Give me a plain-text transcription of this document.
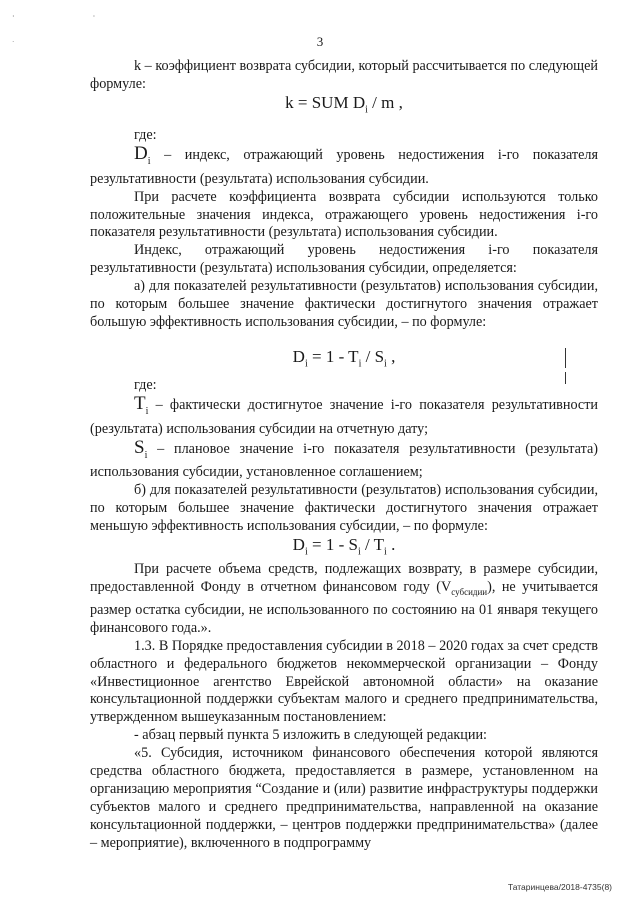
·    ·
·	3

k – коэффициент возврата субсидии, который рассчитывается по следующей формуле:

k = SUM $D_i$ / m ,

где:

$D_i$ – индекс, отражающий уровень недостижения i-го показателя результативности (результата) использования субсидии.

При расчете коэффициента возврата субсидии используются только положительные значения индекса, отражающего уровень недостижения i-го показателя результативности (результата) использования субсидии.

Индекс, отражающий уровень недостижения i-го показателя результативности (результата) использования субсидии, определяется:

а) для показателей результативности (результатов) использования субсидии, по которым большее значение фактически достигнутого значения отражает большую эффективность использования субсидии, – по формуле:

$D_i = 1 - T_i / S_i$ ,

где:

$T_i$ – фактически достигнутое значение i-го показателя результативности (результата) использования субсидии на отчетную дату;

$S_i$ – плановое значение i-го показателя результативности (результата) использования субсидии, установленное соглашением;

б) для показателей результативности (результатов) использования субсидии, по которым большее значение фактически достигнутого значения отражает меньшую эффективность использования субсидии, – по формуле:

$D_i = 1 - S_i / T_i$ .

При расчете объема средств, подлежащих возврату, в размере субсидии, предоставленной Фонду в отчетном финансовом году $(V_{субсидии})$, не учитывается размер остатка субсидии, не использованного по состоянию на 01 января текущего финансового года.».

1.3. В Порядке предоставления субсидии в 2018 – 2020 годах за счет средств областного и федерального бюджетов некоммерческой организации – Фонду «Инвестиционное агентство Еврейской автономной области» на оказание консультационной поддержки субъектам малого и среднего предпринимательства, утвержденном вышеуказанным постановлением:

- абзац первый пункта 5 изложить в следующей редакции:

«5. Субсидия, источником финансового обеспечения которой являются средства областного бюджета, предоставляется в размере, установленном на организацию мероприятия “Создание и (или) развитие инфраструктуры поддержки субъектов малого и среднего предпринимательства, направленной на оказание консультационной поддержки, – центров поддержки предпринимательства» (далее – мероприятие), включенного в подпрограмму

Татаринцева/2018-4735(8)
